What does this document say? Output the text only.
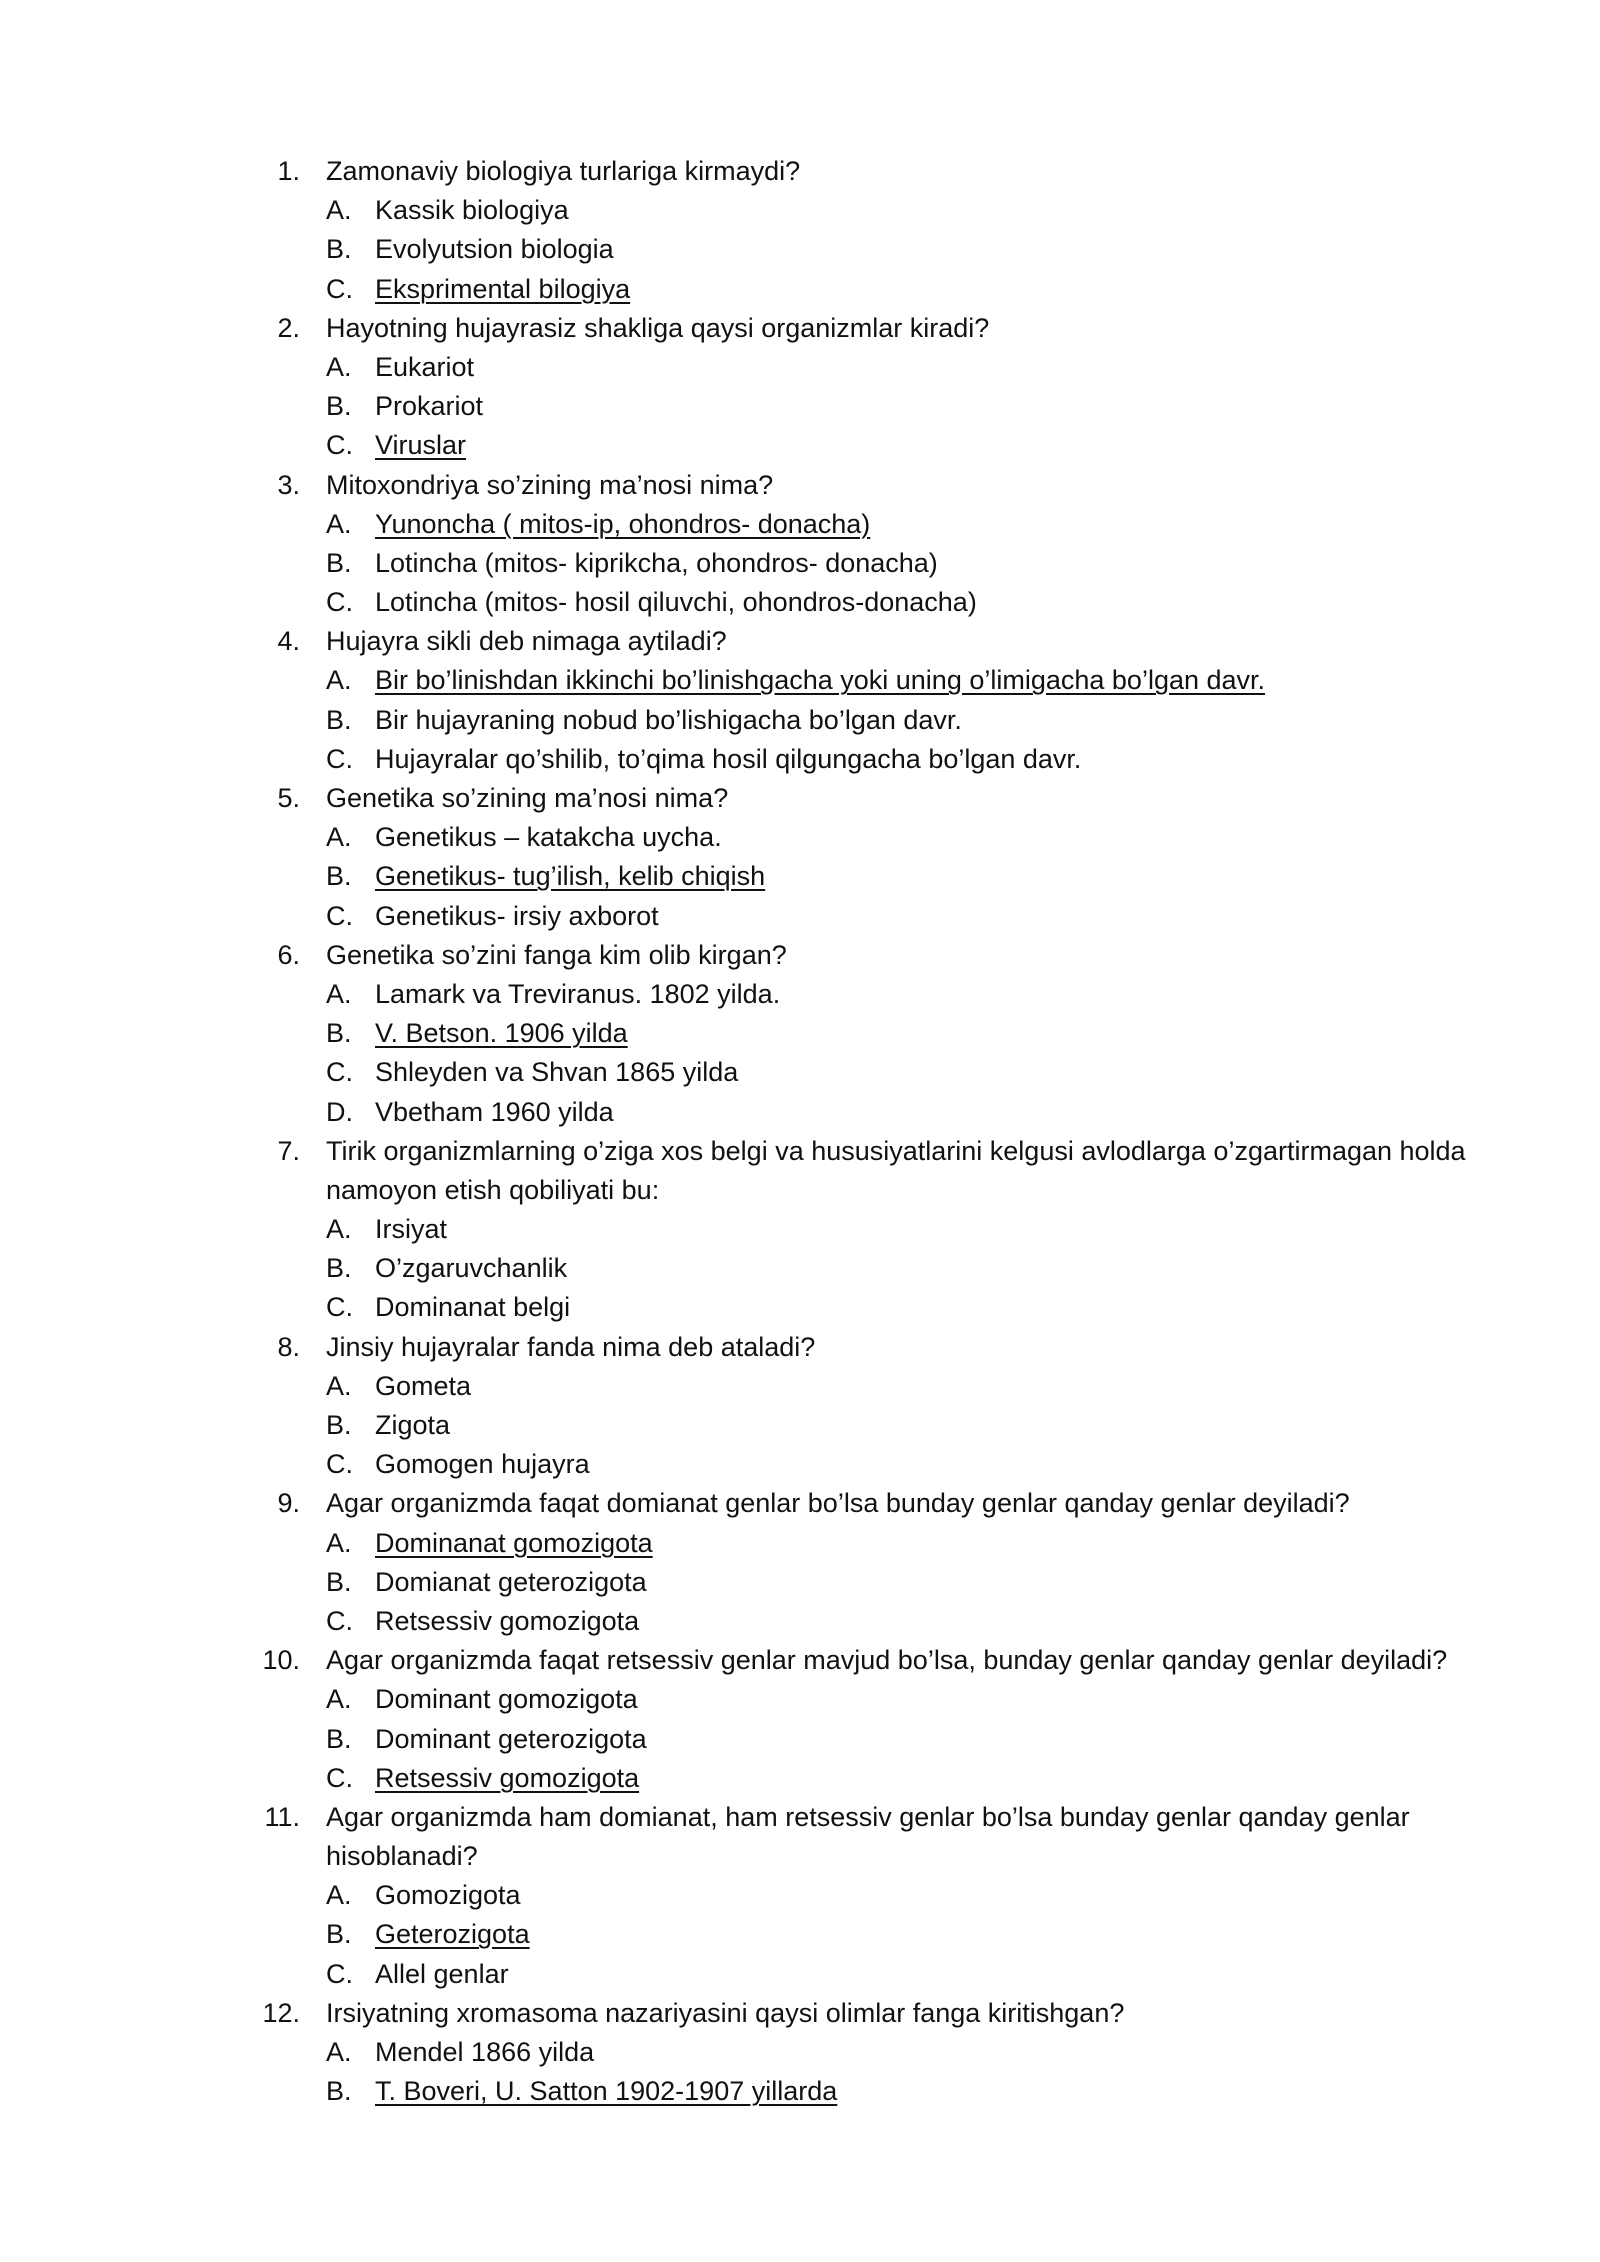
1. Zamonaviy biologiya turlariga kirmaydi?
A. Kassik biologiya
B. Evolyutsion biologia
C. Eksprimental bilogiya
2. Hayotning hujayrasiz shakliga qaysi organizmlar kiradi?
A. Eukariot
B. Prokariot
C. Viruslar
3. Mitoxondriya so’zining ma’nosi nima?
A. Yunoncha ( mitos-ip, ohondros- donacha)
B. Lotincha (mitos- kiprikcha, ohondros- donacha)
C. Lotincha (mitos- hosil qiluvchi, ohondros-donacha)
4. Hujayra sikli deb nimaga aytiladi?
A. Bir bo’linishdan ikkinchi bo’linishgacha yoki uning o’limigacha bo’lgan davr.
B. Bir hujayraning nobud bo’lishigacha bo’lgan davr.
C. Hujayralar qo’shilib, to’qima hosil qilgungacha bo’lgan davr.
5. Genetika so’zining ma’nosi nima?
A. Genetikus – katakcha uycha.
B. Genetikus- tug’ilish, kelib chiqish
C. Genetikus- irsiy axborot
6. Genetika so’zini fanga kim olib kirgan?
A. Lamark va Treviranus. 1802 yilda.
B. V. Betson. 1906 yilda
C. Shleyden va Shvan 1865 yilda
D. Vbetham 1960 yilda
7. Tirik organizmlarning o’ziga xos belgi va hususiyatlarini kelgusi avlodlarga o’zgartirmagan holda
namoyon etish qobiliyati bu:
A. Irsiyat
B. O’zgaruvchanlik
C. Dominanat belgi
8. Jinsiy hujayralar fanda nima deb ataladi?
A. Gometa
B. Zigota
C. Gomogen hujayra
9. Agar organizmda faqat domianat genlar bo’lsa bunday genlar qanday genlar deyiladi?
A. Dominanat gomozigota
B. Domianat geterozigota
C. Retsessiv gomozigota
10. Agar organizmda faqat retsessiv genlar mavjud bo’lsa, bunday genlar qanday genlar deyiladi?
A. Dominant gomozigota
B. Dominant geterozigota
C. Retsessiv gomozigota
11. Agar organizmda ham domianat, ham retsessiv genlar bo’lsa bunday genlar qanday genlar
hisoblanadi?
A. Gomozigota
B. Geterozigota
C. Allel genlar
12. Irsiyatning xromasoma nazariyasini qaysi olimlar fanga kiritishgan?
A. Mendel 1866 yilda
B. T. Boveri, U. Satton 1902-1907 yillarda
